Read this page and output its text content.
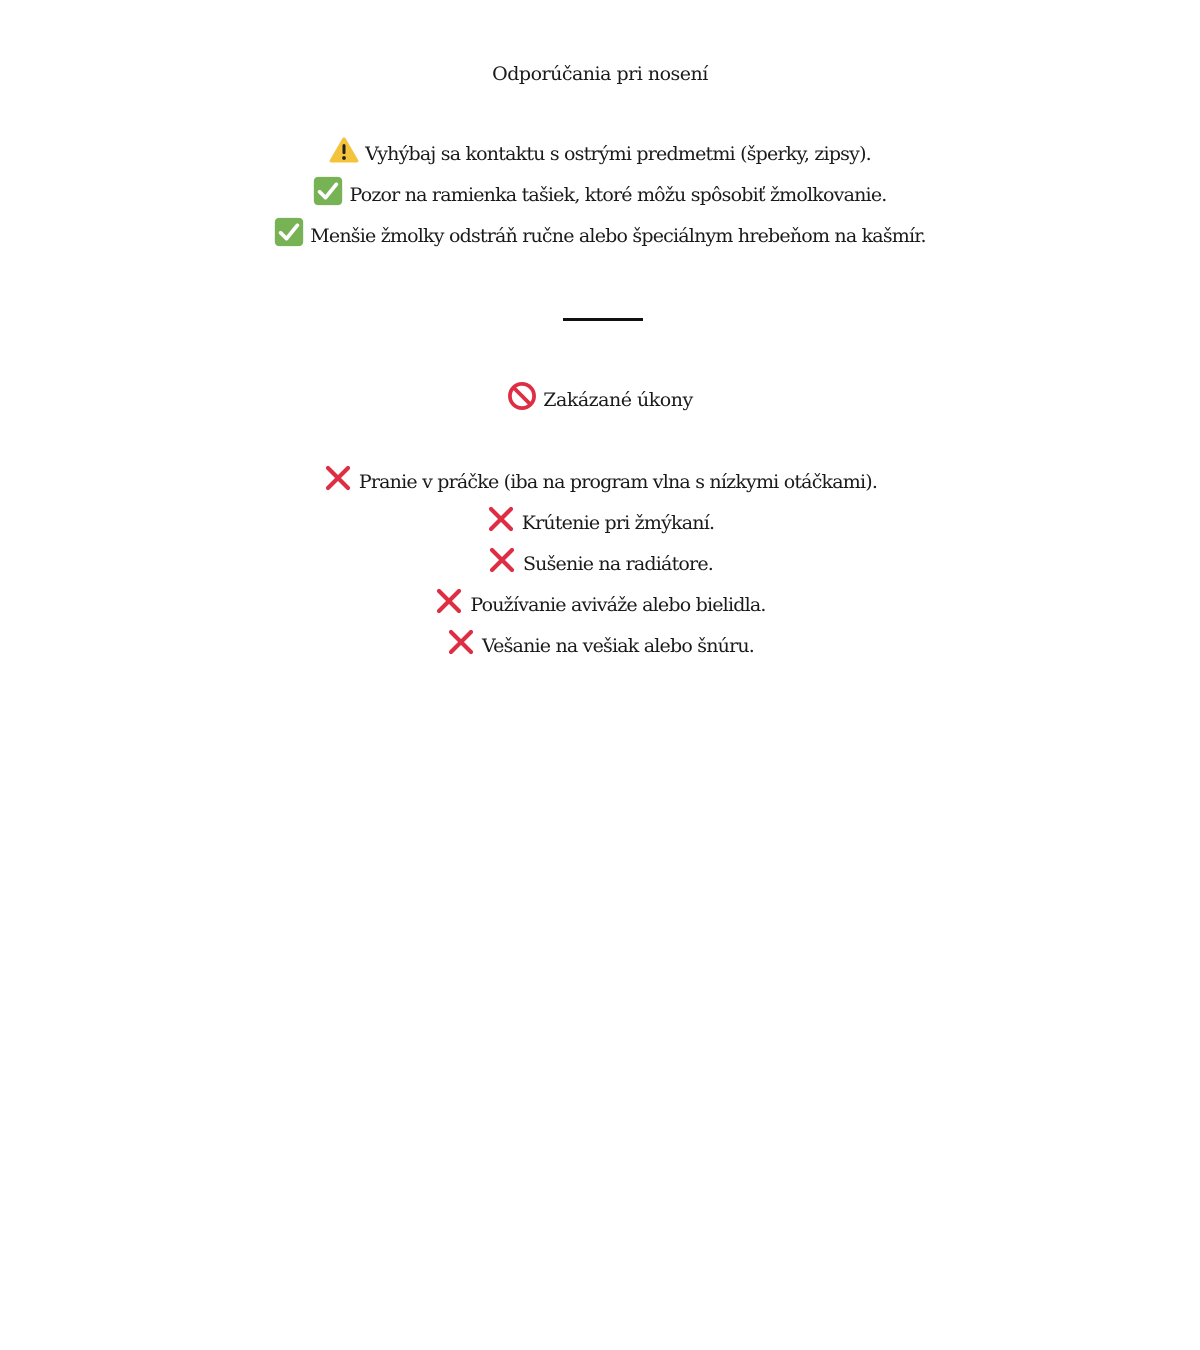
Odporúčania pri nosení
Vyhýbaj sa kontaktu s ostrými predmetmi (šperky, zipsy).
Pozor na ramienka tašiek, ktoré môžu spôsobiť žmolkovanie.
Menšie žmolky odstráň ručne alebo špeciálnym hrebeňom na kašmír.
Zakázané úkony
Pranie v práčke (iba na program vlna s nízkymi otáčkami).
Krútenie pri žmýkaní.
Sušenie na radiátore.
Používanie aviváže alebo bielidla.
Vešanie na vešiak alebo šnúru.
